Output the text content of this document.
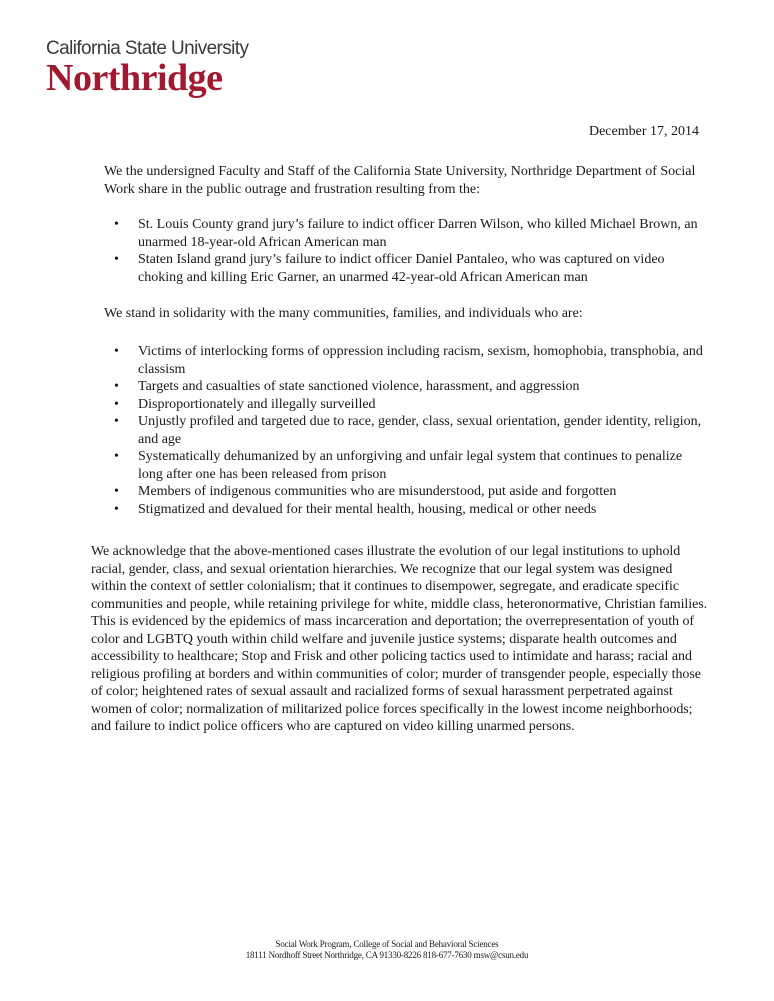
California State University
Northridge
December 17, 2014

We the undersigned Faculty and Staff of the California State University, Northridge Department of Social Work share in the public outrage and frustration resulting from the:

• St. Louis County grand jury’s failure to indict officer Darren Wilson, who killed Michael Brown, an unarmed 18-year-old African American man
• Staten Island grand jury’s failure to indict officer Daniel Pantaleo, who was captured on video choking and killing Eric Garner, an unarmed 42-year-old African American man

We stand in solidarity with the many communities, families, and individuals who are:

• Victims of interlocking forms of oppression including racism, sexism, homophobia, transphobia, and classism
• Targets and casualties of state sanctioned violence, harassment, and aggression
• Disproportionately and illegally surveilled
• Unjustly profiled and targeted due to race, gender, class, sexual orientation, gender identity, religion, and age
• Systematically dehumanized by an unforgiving and unfair legal system that continues to penalize long after one has been released from prison
• Members of indigenous communities who are misunderstood, put aside and forgotten
• Stigmatized and devalued for their mental health, housing, medical or other needs

We acknowledge that the above-mentioned cases illustrate the evolution of our legal institutions to uphold racial, gender, class, and sexual orientation hierarchies. We recognize that our legal system was designed within the context of settler colonialism; that it continues to disempower, segregate, and eradicate specific communities and people, while retaining privilege for white, middle class, heteronormative, Christian families. This is evidenced by the epidemics of mass incarceration and deportation; the overrepresentation of youth of color and LGBTQ youth within child welfare and juvenile justice systems; disparate health outcomes and accessibility to healthcare; Stop and Frisk and other policing tactics used to intimidate and harass; racial and religious profiling at borders and within communities of color; murder of transgender people, especially those of color; heightened rates of sexual assault and racialized forms of sexual harassment perpetrated against women of color; normalization of militarized police forces specifically in the lowest income neighborhoods; and failure to indict police officers who are captured on video killing unarmed persons.

Social Work Program, College of Social and Behavioral Sciences
18111 Nordhoff Street Northridge, CA 91330-8226 818-677-7630 msw@csun.edu
